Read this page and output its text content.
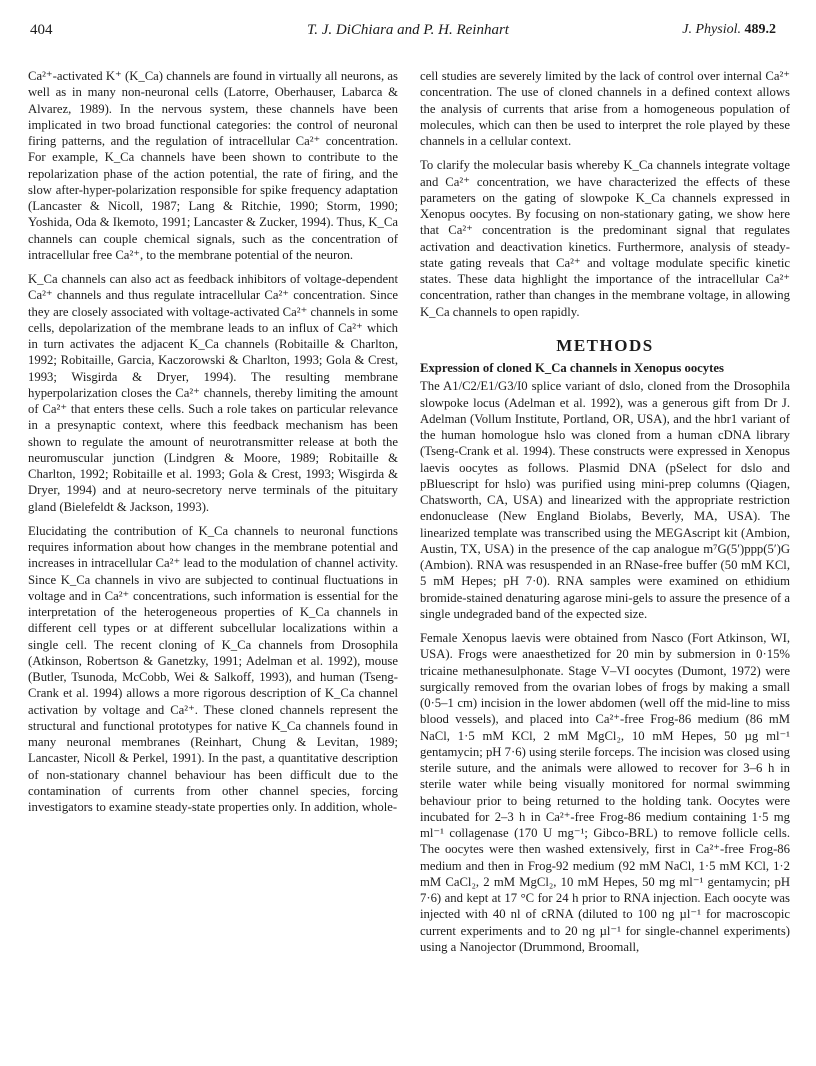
404	T. J. DiChiara and P. H. Reinhart	J. Physiol. 489.2

Ca²⁺-activated K⁺ (K_Ca) channels are found in virtually all neurons, as well as in many non-neuronal cells (Latorre, Oberhauser, Labarca & Alvarez, 1989). In the nervous system, these channels have been implicated in two broad functional categories: the control of neuronal firing patterns, and the regulation of intracellular Ca²⁺ concentration. For example, K_Ca channels have been shown to contribute to the repolarization phase of the action potential, the rate of firing, and the slow after-hyper-polarization responsible for spike frequency adaptation (Lancaster & Nicoll, 1987; Lang & Ritchie, 1990; Storm, 1990; Yoshida, Oda & Ikemoto, 1991; Lancaster & Zucker, 1994). Thus, K_Ca channels can couple chemical signals, such as the concentration of intracellular free Ca²⁺, to the membrane potential of the neuron.

K_Ca channels can also act as feedback inhibitors of voltage-dependent Ca²⁺ channels and thus regulate intracellular Ca²⁺ concentration. Since they are closely associated with voltage-activated Ca²⁺ channels in some cells, depolarization of the membrane leads to an influx of Ca²⁺ which in turn activates the adjacent K_Ca channels (Robitaille & Charlton, 1992; Robitaille, Garcia, Kaczorowski & Charlton, 1993; Gola & Crest, 1993; Wisgirda & Dryer, 1994). The resulting membrane hyperpolarization closes the Ca²⁺ channels, thereby limiting the amount of Ca²⁺ that enters these cells. Such a role takes on particular relevance in a presynaptic context, where this feedback mechanism has been shown to regulate the amount of neurotransmitter release at both the neuromuscular junction (Lindgren & Moore, 1989; Robitaille & Charlton, 1992; Robitaille et al. 1993; Gola & Crest, 1993; Wisgirda & Dryer, 1994) and at neuro-secretory nerve terminals of the pituitary gland (Bielefeldt & Jackson, 1993).

Elucidating the contribution of K_Ca channels to neuronal functions requires information about how changes in the membrane potential and increases in intracellular Ca²⁺ lead to the modulation of channel activity. Since K_Ca channels in vivo are subjected to continual fluctuations in voltage and in Ca²⁺ concentrations, such information is essential for the interpretation of the heterogeneous properties of K_Ca channels in different cell types or at different subcellular localizations within a single cell. The recent cloning of K_Ca channels from Drosophila (Atkinson, Robertson & Ganetzky, 1991; Adelman et al. 1992), mouse (Butler, Tsunoda, McCobb, Wei & Salkoff, 1993), and human (Tseng-Crank et al. 1994) allows a more rigorous description of K_Ca channel activation by voltage and Ca²⁺. These cloned channels represent the structural and functional prototypes for native K_Ca channels found in many neuronal membranes (Reinhart, Chung & Levitan, 1989; Lancaster, Nicoll & Perkel, 1991). In the past, a quantitative description of non-stationary channel behaviour has been difficult due to the contamination of currents from other channel species, forcing investigators to examine steady-state properties only. In addition, whole-

cell studies are severely limited by the lack of control over internal Ca²⁺ concentration. The use of cloned channels in a defined context allows the analysis of currents that arise from a homogeneous population of molecules, which can then be used to interpret the role played by these channels in a cellular context.

To clarify the molecular basis whereby K_Ca channels integrate voltage and Ca²⁺ concentration, we have characterized the effects of these parameters on the gating of slowpoke K_Ca channels expressed in Xenopus oocytes. By focusing on non-stationary gating, we show here that Ca²⁺ concentration is the predominant signal that regulates activation and deactivation kinetics. Furthermore, analysis of steady-state gating reveals that Ca²⁺ and voltage modulate specific kinetic states. These data highlight the importance of the intracellular Ca²⁺ concentration, rather than changes in the membrane voltage, in allowing K_Ca channels to open rapidly.

METHODS
Expression of cloned K_Ca channels in Xenopus oocytes

The A1/C2/E1/G3/I0 splice variant of dslo, cloned from the Drosophila slowpoke locus (Adelman et al. 1992), was a generous gift from Dr J. Adelman (Vollum Institute, Portland, OR, USA), and the hbr1 variant of the human homologue hslo was cloned from a human cDNA library (Tseng-Crank et al. 1994). These constructs were expressed in Xenopus laevis oocytes as follows. Plasmid DNA (pSelect for dslo and pBluescript for hslo) was purified using mini-prep columns (Qiagen, Chatsworth, CA, USA) and linearized with the appropriate restriction endonuclease (New England Biolabs, Beverly, MA, USA). The linearized template was transcribed using the MEGAscript kit (Ambion, Austin, TX, USA) in the presence of the cap analogue m⁷G(5′)ppp(5′)G (Ambion). RNA was resuspended in an RNase-free buffer (50 mM KCl, 5 mM Hepes; pH 7·0). RNA samples were examined on ethidium bromide-stained denaturing agarose mini-gels to assure the presence of a single undegraded band of the expected size.

Female Xenopus laevis were obtained from Nasco (Fort Atkinson, WI, USA). Frogs were anaesthetized for 20 min by submersion in 0·15% tricaine methanesulphonate. Stage V–VI oocytes (Dumont, 1972) were surgically removed from the ovarian lobes of frogs by making a small (0·5–1 cm) incision in the lower abdomen (well off the mid-line to miss blood vessels), and placed into Ca²⁺-free Frog-86 medium (86 mM NaCl, 1·5 mM KCl, 2 mM MgCl₂, 10 mM Hepes, 50 µg ml⁻¹ gentamycin; pH 7·6) using sterile forceps. The incision was closed using sterile suture, and the animals were allowed to recover for 3–6 h in sterile water while being visually monitored for normal swimming behaviour prior to being returned to the holding tank. Oocytes were incubated for 2–3 h in Ca²⁺-free Frog-86 medium containing 1·5 mg ml⁻¹ collagenase (170 U mg⁻¹; Gibco-BRL) to remove follicle cells. The oocytes were then washed extensively, first in Ca²⁺-free Frog-86 medium and then in Frog-92 medium (92 mM NaCl, 1·5 mM KCl, 1·2 mM CaCl₂, 2 mM MgCl₂, 10 mM Hepes, 50 mg ml⁻¹ gentamycin; pH 7·6) and kept at 17 °C for 24 h prior to RNA injection. Each oocyte was injected with 40 nl of cRNA (diluted to 100 ng µl⁻¹ for macroscopic current experiments and to 20 ng µl⁻¹ for single-channel experiments) using a Nanojector (Drummond, Broomall,
